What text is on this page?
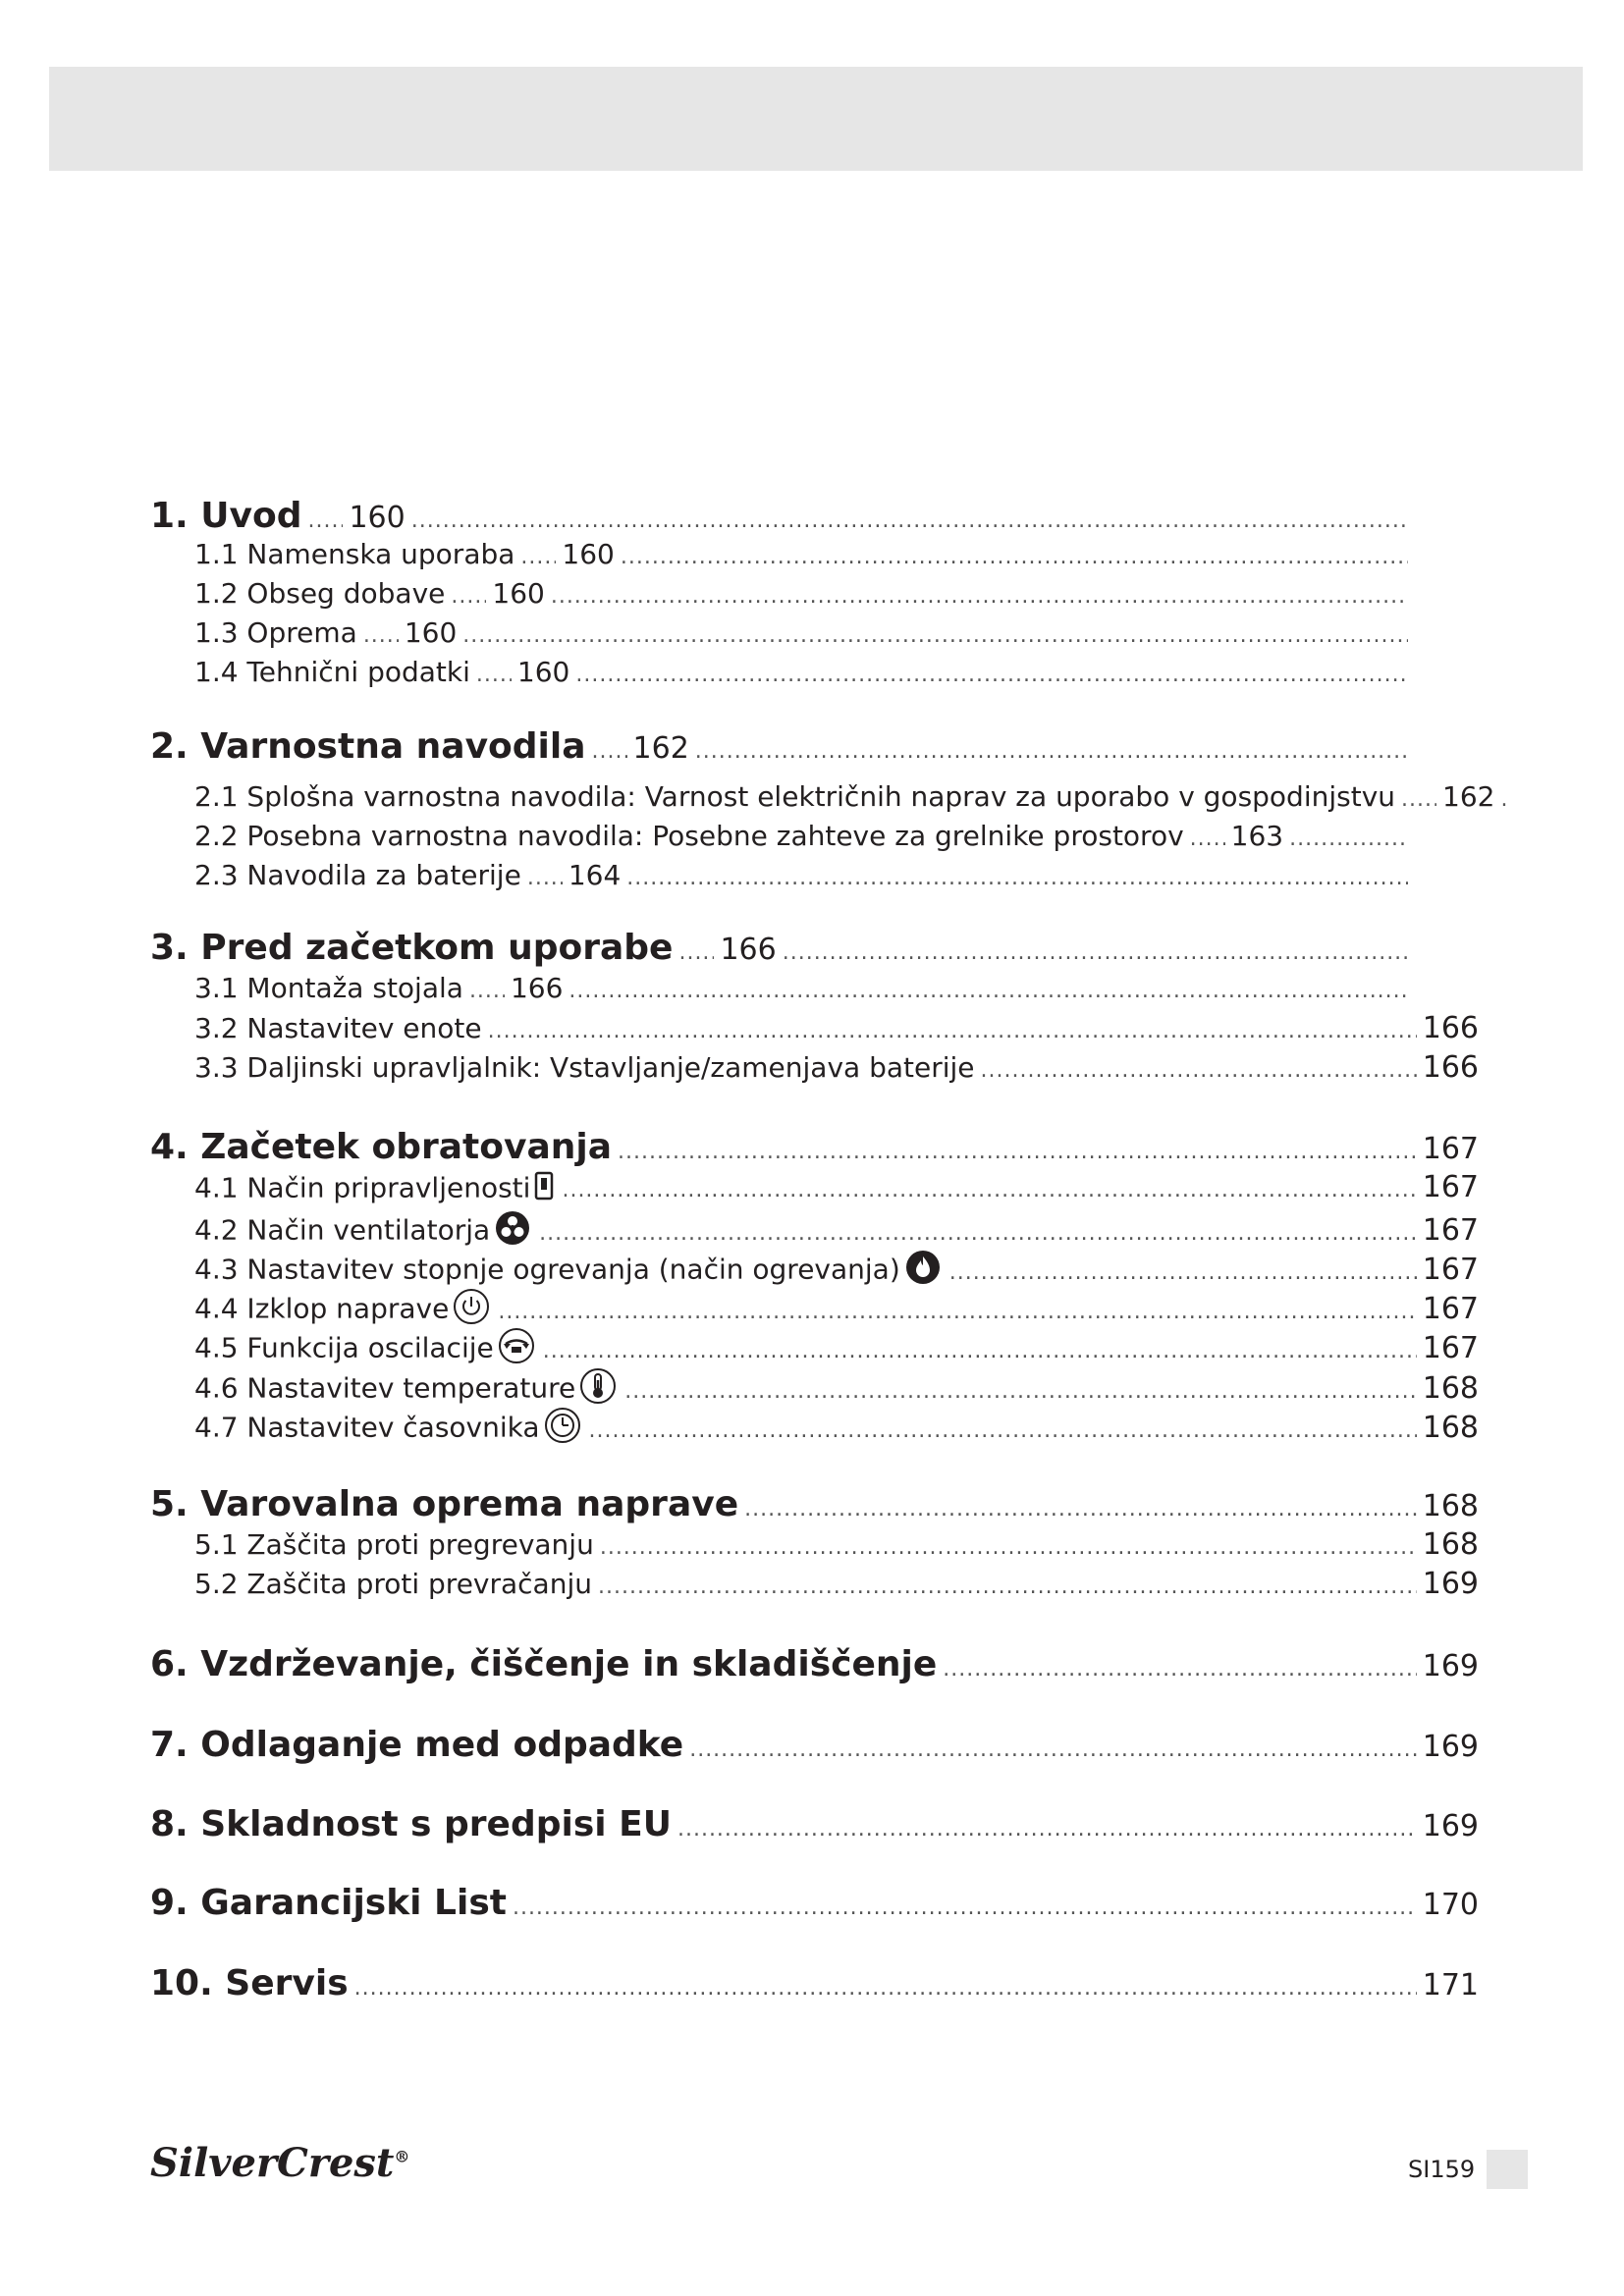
1. Uvod ..... 160
.....
1.1 Namenska uporaba ..... 160
.....
1.2 Obseg dobave ..... 160
.....
1.3 Oprema ..... 160
.....
1.4 Tehnični podatki ..... 160
.....
2. Varnostna navodila ..... 162
.....
2.1 Splošna varnostna navodila: Varnost električnih naprav za uporabo v gospodinjstvu ..... 162
.....
2.2 Posebna varnostna navodila: Posebne zahteve za grelnike prostorov ..... 163
.....
2.3 Navodila za baterije ..... 164
.....
3. Pred začetkom uporabe ..... 166
.....
3.1 Montaža stojala ..... 166
.....
3.2 Nastavitev enote .....	166
3.3 Daljinski upravljalnik: Vstavljanje/zamenjava baterije .....	166
4. Začetek obratovanja .....	167
4.1 Način pripravljenosti .....	167
4.2 Način ventilatorja .....	167
4.3 Nastavitev stopnje ogrevanja (način ogrevanja) .....	167
4.4 Izklop naprave .....	167
4.5 Funkcija oscilacije .....	167
4.6 Nastavitev temperature .....	168
4.7 Nastavitev časovnika .....	168
5. Varovalna oprema naprave .....	168
5.1 Zaščita proti pregrevanju .....	168
5.2 Zaščita proti prevračanju .....	169
6. Vzdrževanje, čiščenje in skladiščenje .....	169
7. Odlaganje med odpadke .....	169
8. Skladnost s predpisi EU .....	169
9. Garancijski List .....	170
10. Servis .....	171
SilverCrest®	SI159
